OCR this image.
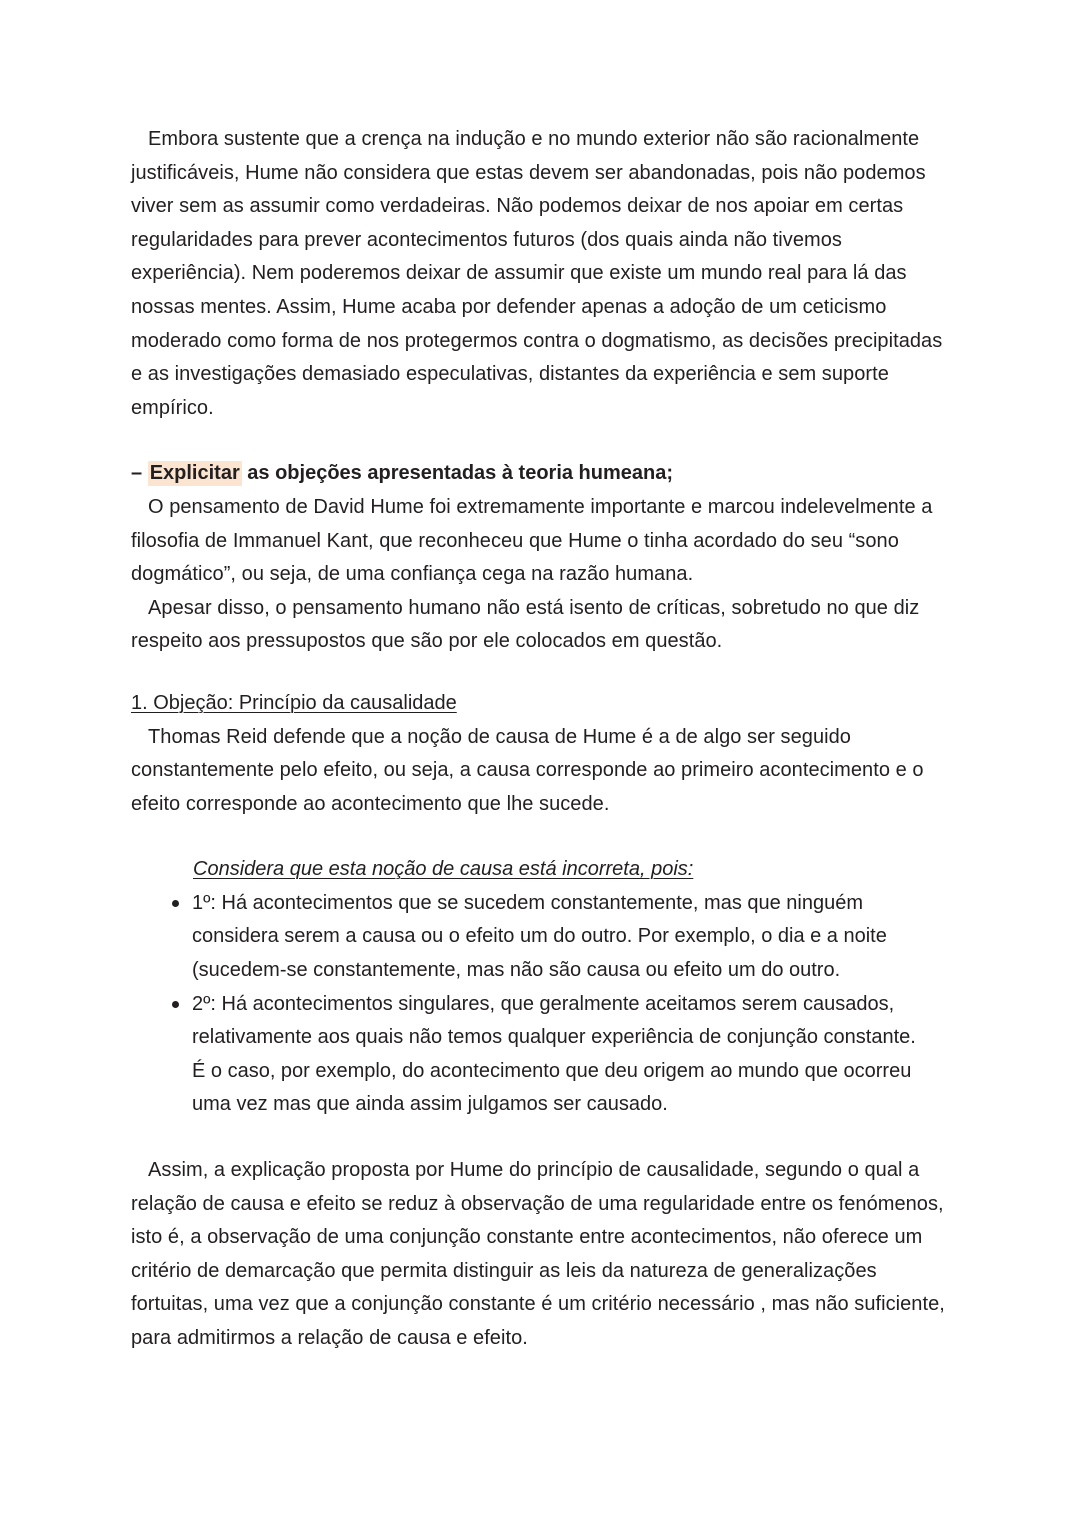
Embora sustente que a crença na indução e no mundo exterior não são racionalmente justificáveis, Hume não considera que estas devem ser abandonadas, pois não podemos viver sem as assumir como verdadeiras. Não podemos deixar de nos apoiar em certas regularidades para prever acontecimentos futuros (dos quais ainda não tivemos experiência). Nem poderemos deixar de assumir que existe um mundo real para lá das nossas mentes. Assim, Hume acaba por defender apenas a adoção de um ceticismo moderado como forma de nos protegermos contra o dogmatismo, as decisões precipitadas e as investigações demasiado especulativas, distantes da experiência e sem suporte empírico.

– Explicitar as objeções apresentadas à teoria humeana;

O pensamento de David Hume foi extremamente importante e marcou indelevelmente a filosofia de Immanuel Kant, que reconheceu que Hume o tinha acordado do seu “sono dogmático”, ou seja, de uma confiança cega na razão humana.

Apesar disso, o pensamento humano não está isento de críticas, sobretudo no que diz respeito aos pressupostos que são por ele colocados em questão.

1. Objeção: Princípio da causalidade

Thomas Reid defende que a noção de causa de Hume é a de algo ser seguido constantemente pelo efeito, ou seja, a causa corresponde ao primeiro acontecimento e o efeito corresponde ao acontecimento que lhe sucede.

Considera que esta noção de causa está incorreta, pois:

1º: Há acontecimentos que se sucedem constantemente, mas que ninguém considera serem a causa ou o efeito um do outro. Por exemplo, o dia e a noite (sucedem-se constantemente, mas não são causa ou efeito um do outro.
2º: Há acontecimentos singulares, que geralmente aceitamos serem causados, relativamente aos quais não temos qualquer experiência de conjunção constante. É o caso, por exemplo, do acontecimento que deu origem ao mundo que ocorreu uma vez mas que ainda assim julgamos ser causado.

Assim, a explicação proposta por Hume do princípio de causalidade, segundo o qual a relação de causa e efeito se reduz à observação de uma regularidade entre os fenómenos, isto é, a observação de uma conjunção constante entre acontecimentos, não oferece um critério de demarcação que permita distinguir as leis da natureza de generalizações fortuitas, uma vez que a conjunção constante é um critério necessário , mas não suficiente, para admitirmos a relação de causa e efeito.
